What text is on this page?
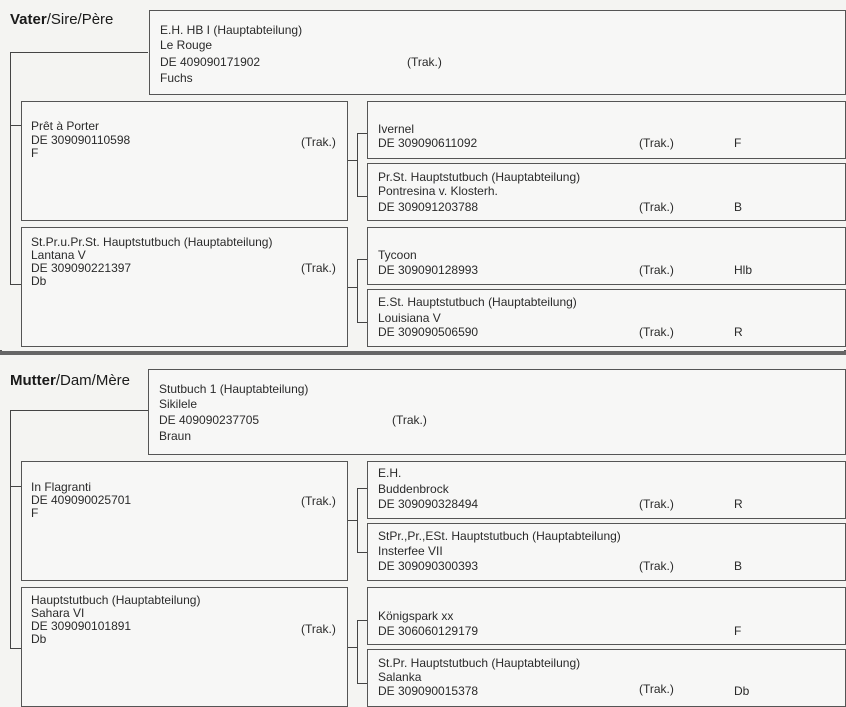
Vater/Sire/Père
E.H. HB I (Hauptabteilung)
Le Rouge
DE 409090171902	(Trak.)
Fuchs
Prêt à Porter
DE 309090110598	(Trak.)
F
St.Pr.u.Pr.St. Hauptstutbuch (Hauptabteilung)
Lantana V
DE 309090221397	(Trak.)
Db
Ivernel
DE 309090611092	(Trak.)	F
Pr.St. Hauptstutbuch (Hauptabteilung)
Pontresina v. Klosterh.
DE 309091203788	(Trak.)	B
Tycoon
DE 309090128993	(Trak.)	Hlb
E.St. Hauptstutbuch (Hauptabteilung)
Louisiana V
DE 309090506590	(Trak.)	R
Mutter/Dam/Mère Stutbuch 1 (Hauptabteilung)
Sikilele
DE 409090237705	(Trak.)
Braun
In Flagranti
DE 409090025701	(Trak.)
F
Hauptstutbuch (Hauptabteilung)
Sahara VI
DE 309090101891	(Trak.)
Db
E.H.
Buddenbrock
DE 309090328494	(Trak.)	R
StPr.,Pr.,ESt. Hauptstutbuch (Hauptabteilung)
Insterfee VII
DE 309090300393	(Trak.)	B
Königspark xx
DE 306060129179	F
St.Pr. Hauptstutbuch (Hauptabteilung)
Salanka
DE 309090015378	(Trak.)	Db
